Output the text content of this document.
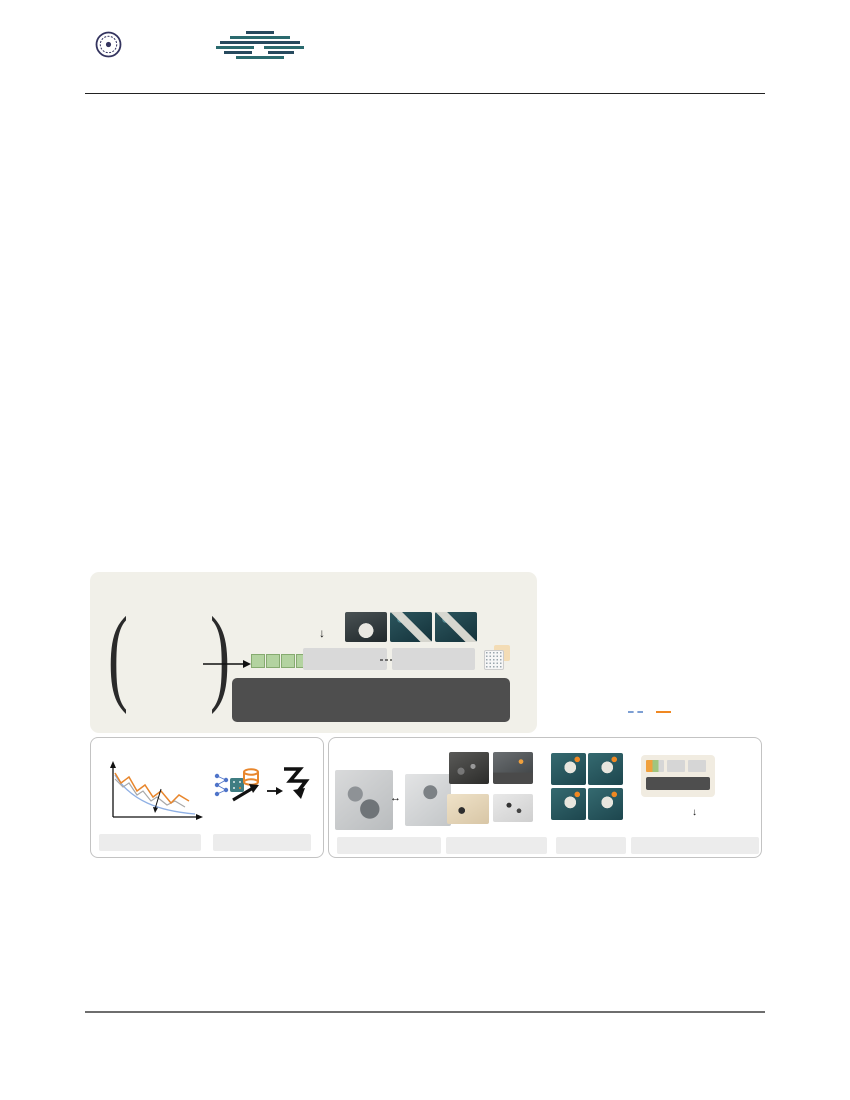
(
)
↓
↔
↓
